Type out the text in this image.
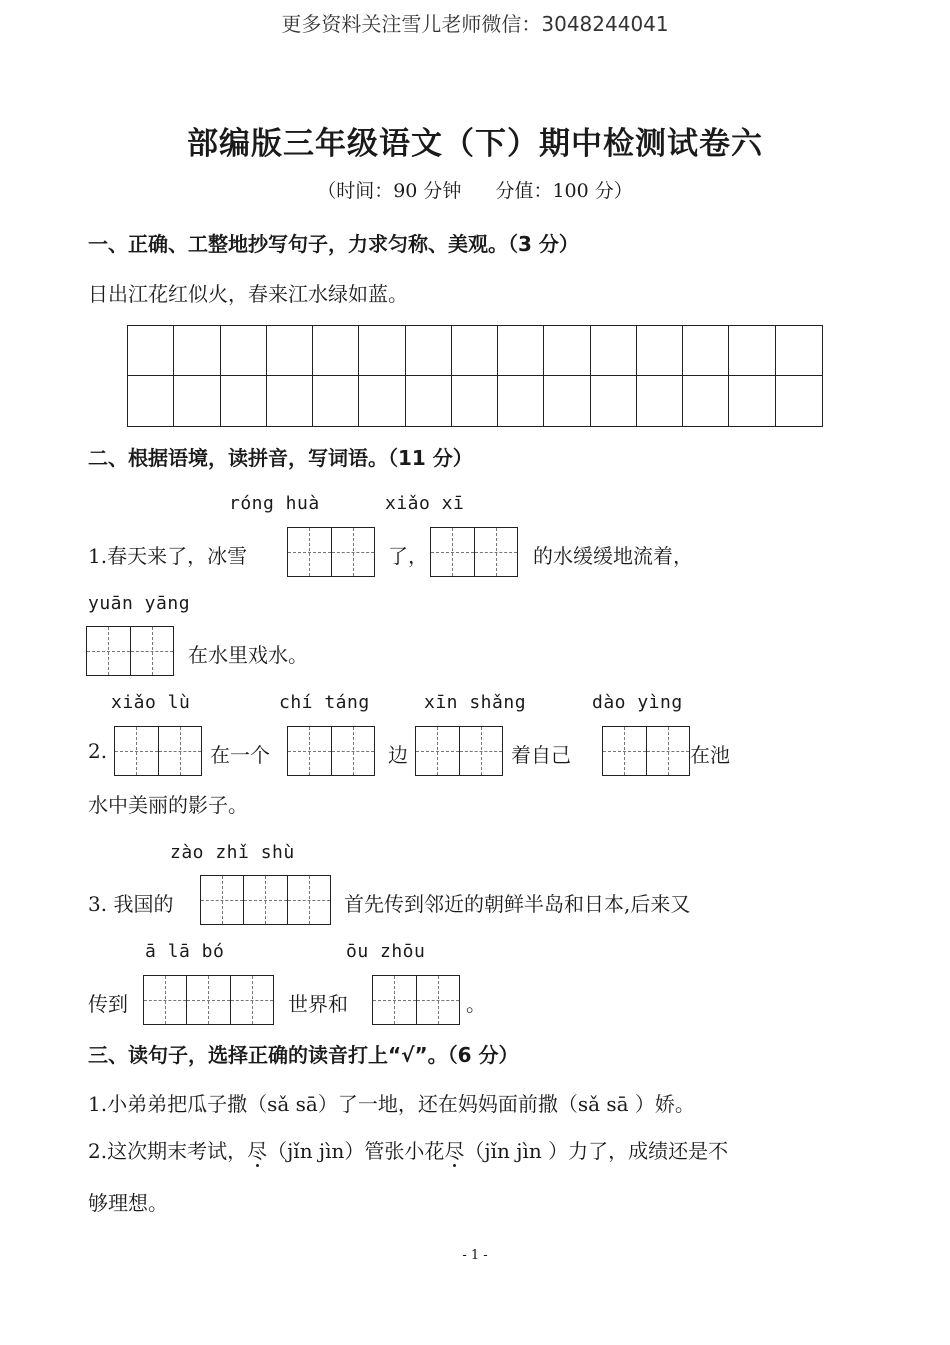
更多资料关注雪儿老师微信：3048244041
部编版三年级语文（下）期中检测试卷六
（时间：90 分钟 分值：100 分）
一、正确、工整地抄写句子，力求匀称、美观。（3 分）
日出江花红似火，春来江水绿如蓝。
二、根据语境，读拼音，写词语。（11 分）
róng huà	xiǎo xī
1.春天来了，冰雪	了，	的水缓缓地流着，
yuān yāng
在水里戏水。
xiǎo lù	chí táng	xīn shǎng	dào yìng
2.	在一个	边	着自己	在池
水中美丽的影子。
zào zhǐ shù
3. 我国的	首先传到邻近的朝鲜半岛和日本,后来又
ā lā bó	ōu zhōu
传到	世界和	。
三、读句子，选择正确的读音打上“√”。（6 分）
1.小弟弟把瓜子撒（sǎ sā）了一地，还在妈妈面前撒（sǎ sā ）娇。
2.这次期末考试，尽（jǐn jìn）管张小花尽（jǐn jìn ）力了，成绩还是不
够理想。
- 1 -
